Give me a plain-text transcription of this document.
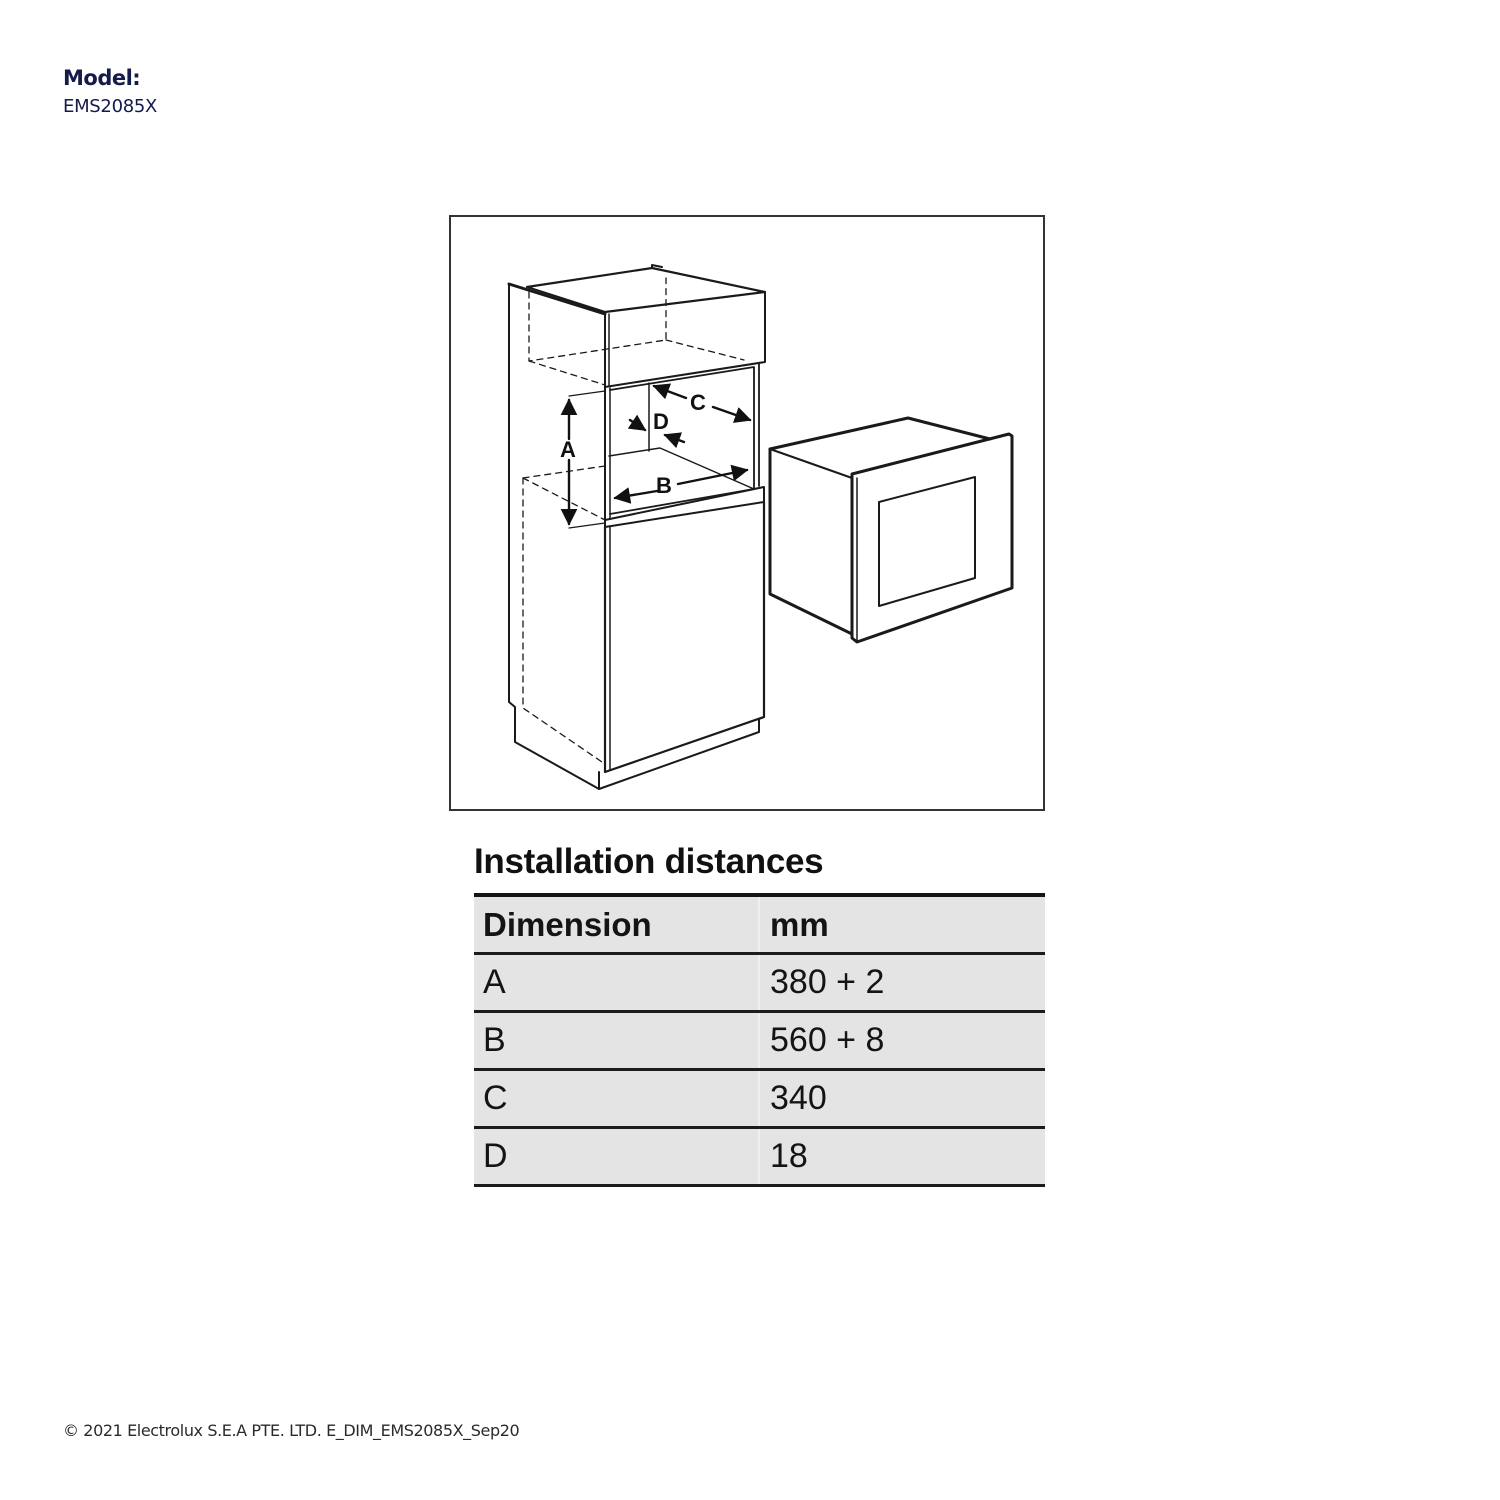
Model:
EMS2085X
A
B
C
D
Installation distances
Dimension	mm
A	380 + 2
B	560 + 8
C	340
D	18
© 2021 Electrolux S.E.A PTE. LTD. E_DIM_EMS2085X_Sep20
